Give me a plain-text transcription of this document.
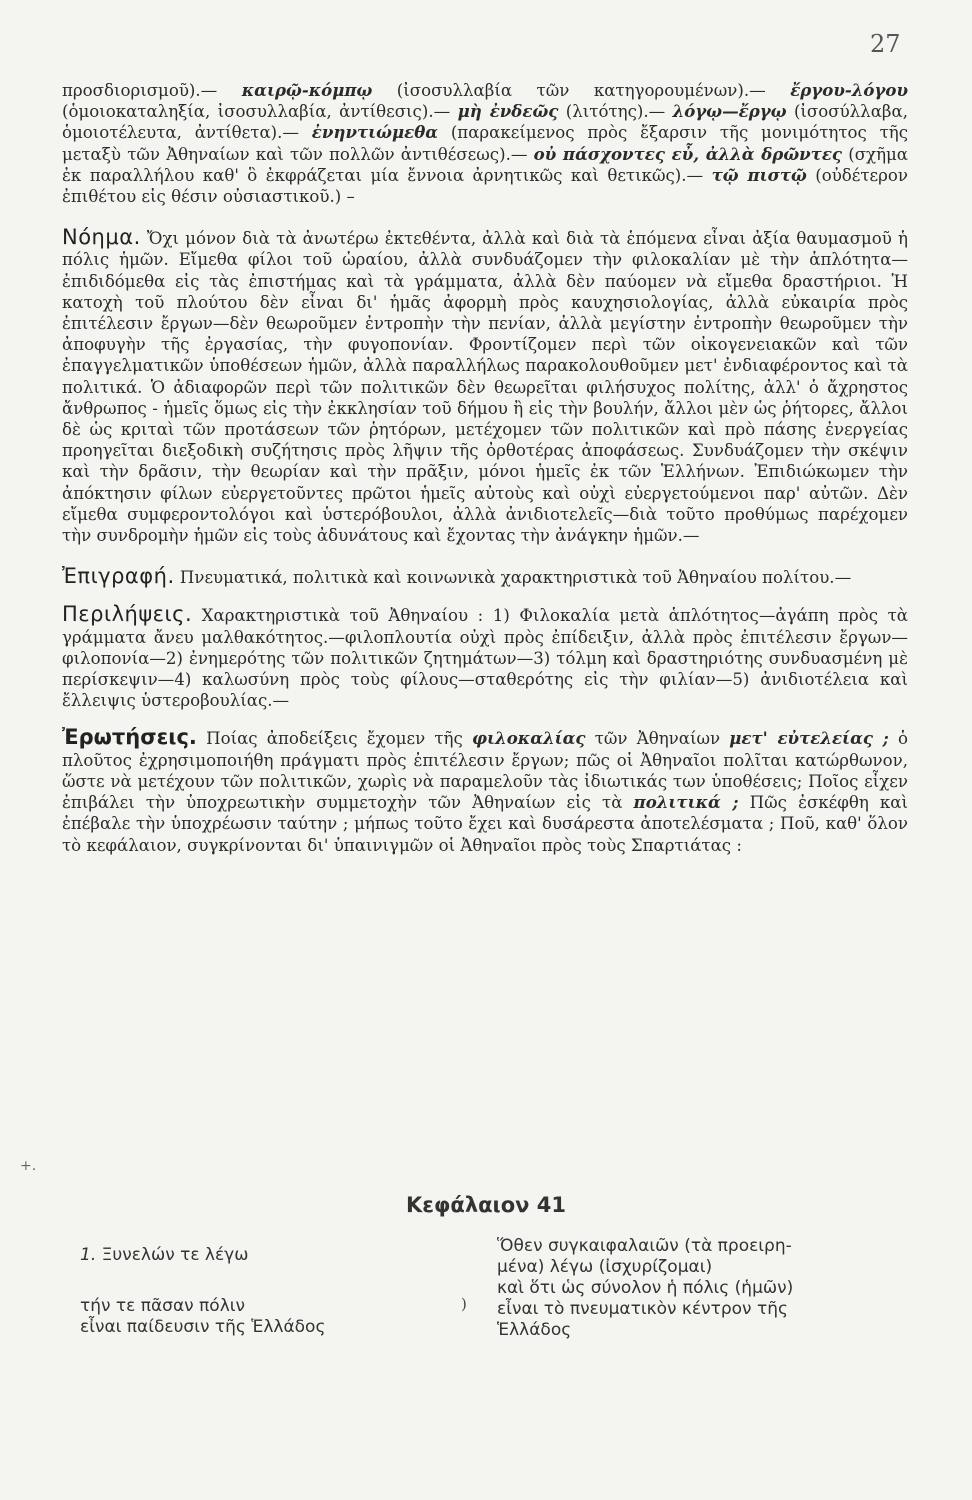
27

προσδιορισμοῦ).— καιρῷ-κόμπῳ (ἰσοσυλλαβία τῶν κατηγορουμένων).— ἔργου-λόγου (ὁμοιοκαταληξία, ἰσοσυλλαβία, ἀντίθεσις).— μὴ ἐνδεῶς (λιτότης).— λόγῳ—ἔργῳ (ἰσοσύλλαβα, ὁμοιοτέλευτα, ἀντίθετα).— ἐνηντιώμεθα (παρακείμενος πρὸς ἔξαρσιν τῆς μονιμότητος τῆς μεταξὺ τῶν Ἀθηναίων καὶ τῶν πολλῶν ἀντιθέσεως).— οὐ πάσχοντες εὖ, ἀλλὰ δρῶντες (σχῆμα ἐκ παραλλήλου καθ' ὃ ἐκφράζεται μία ἔννοια ἀρνητικῶς καὶ θετικῶς).— τῷ πιστῷ (οὐδέτερον ἐπιθέτου εἰς θέσιν οὐσιαστικοῦ.) –

Νόημα. Ὄχι μόνον διὰ τὰ ἀνωτέρω ἐκτεθέντα, ἀλλὰ καὶ διὰ τὰ ἑπόμενα εἶναι ἀξία θαυμασμοῦ ἡ πόλις ἡμῶν. Εἴμεθα φίλοι τοῦ ὡραίου, ἀλλὰ συνδυάζομεν τὴν φιλοκαλίαν μὲ τὴν ἁπλότητα—ἐπιδιδόμεθα εἰς τὰς ἐπιστήμας καὶ τὰ γράμματα, ἀλλὰ δὲν παύομεν νὰ εἴμεθα δραστήριοι. Ἡ κατοχὴ τοῦ πλούτου δὲν εἶναι δι' ἡμᾶς ἀφορμὴ πρὸς καυχησιολογίας, ἀλλὰ εὐκαιρία πρὸς ἐπιτέλεσιν ἔργων—δὲν θεωροῦμεν ἐντροπὴν τὴν πενίαν, ἀλλὰ μεγίστην ἐντροπὴν θεωροῦμεν τὴν ἀποφυγὴν τῆς ἐργασίας, τὴν φυγοπονίαν. Φροντίζομεν περὶ τῶν οἰκογενειακῶν καὶ τῶν ἐπαγγελματικῶν ὑποθέσεων ἡμῶν, ἀλλὰ παραλλήλως παρακολουθοῦμεν μετ' ἐνδιαφέροντος καὶ τὰ πολιτικά. Ὁ ἀδιαφορῶν περὶ τῶν πολιτικῶν δὲν θεωρεῖται φιλήσυχος πολίτης, ἀλλ' ὁ ἄχρηστος ἄνθρωπος - ἡμεῖς ὅμως εἰς τὴν ἐκκλησίαν τοῦ δήμου ἢ εἰς τὴν βουλήν, ἄλλοι μὲν ὡς ῥήτορες, ἄλλοι δὲ ὡς κριταὶ τῶν προτάσεων τῶν ῥητόρων, μετέχομεν τῶν πολιτικῶν καὶ πρὸ πάσης ἐνεργείας προηγεῖται διεξοδικὴ συζήτησις πρὸς λῆψιν τῆς ὀρθοτέρας ἀποφάσεως. Συνδυάζομεν τὴν σκέψιν καὶ τὴν δρᾶσιν, τὴν θεωρίαν καὶ τὴν πρᾶξιν, μόνοι ἡμεῖς ἐκ τῶν Ἑλλήνων. Ἐπιδιώκωμεν τὴν ἀπόκτησιν φίλων εὐεργετοῦντες πρῶτοι ἡμεῖς αὐτοὺς καὶ οὐχὶ εὐεργετούμενοι παρ' αὐτῶν. Δὲν εἴμεθα συμφεροντολόγοι καὶ ὑστερόβουλοι, ἀλλὰ ἀνιδιοτελεῖς—διὰ τοῦτο προθύμως παρέχομεν τὴν συνδρομὴν ἡμῶν εἰς τοὺς ἀδυνάτους καὶ ἔχοντας τὴν ἀνάγκην ἡμῶν.—

Ἐπιγραφή. Πνευματικά, πολιτικὰ καὶ κοινωνικὰ χαρακτηριστικὰ τοῦ Ἀθηναίου πολίτου.—

Περιλήψεις. Χαρακτηριστικὰ τοῦ Ἀθηναίου : 1) Φιλοκαλία μετὰ ἁπλότητος—ἀγάπη πρὸς τὰ γράμματα ἄνευ μαλθακότητος.—φιλοπλουτία οὐχὶ πρὸς ἐπίδειξιν, ἀλλὰ πρὸς ἐπιτέλεσιν ἔργων—φιλοπονία—2) ἐνημερότης τῶν πολιτικῶν ζητημάτων—3) τόλμη καὶ δραστηριότης συνδυασμένη μὲ περίσκεψιν—4) καλωσύνη πρὸς τοὺς φίλους—σταθερότης εἰς τὴν φιλίαν—5) ἀνιδιοτέλεια καὶ ἔλλειψις ὑστεροβουλίας.—

Ἐρωτήσεις. Ποίας ἀποδείξεις ἔχομεν τῆς φιλοκαλίας τῶν Ἀθηναίων μετ' εὐτελείας ; ὁ πλοῦτος ἐχρησιμοποιήθη πράγματι πρὸς ἐπιτέλεσιν ἔργων; πῶς οἱ Ἀθηναῖοι πολῖται κατώρθωνον, ὥστε νὰ μετέχουν τῶν πολιτικῶν, χωρὶς νὰ παραμελοῦν τὰς ἰδιωτικάς των ὑποθέσεις; Ποῖος εἶχεν ἐπιβάλει τὴν ὑποχρεωτικὴν συμμετοχὴν τῶν Ἀθηναίων εἰς τὰ πολιτικά ; Πῶς ἐσκέφθη καὶ ἐπέβαλε τὴν ὑποχρέωσιν ταύτην ; μήπως τοῦτο ἔχει καὶ δυσάρεστα ἀποτελέσματα ; Ποῦ, καθ' ὅλον τὸ κεφάλαιον, συγκρίνονται δι' ὑπαινιγμῶν οἱ Ἀθηναῖοι πρὸς τοὺς Σπαρτιάτας :

+.
Κεφάλαιον 41
1. Ξυνελών τε λέγω
τήν τε πᾶσαν πόλιν
εἶναι παίδευσιν τῆς Ἑλλάδος
)
Ὅθεν συγκαιφαλαιῶν (τὰ προειρη-
μένα) λέγω (ἰσχυρίζομαι)
καὶ ὅτι ὡς σύνολον ἡ πόλις (ἡμῶν)
εἶναι τὸ πνευματικὸν κέντρον τῆς
Ἑλλάδος
